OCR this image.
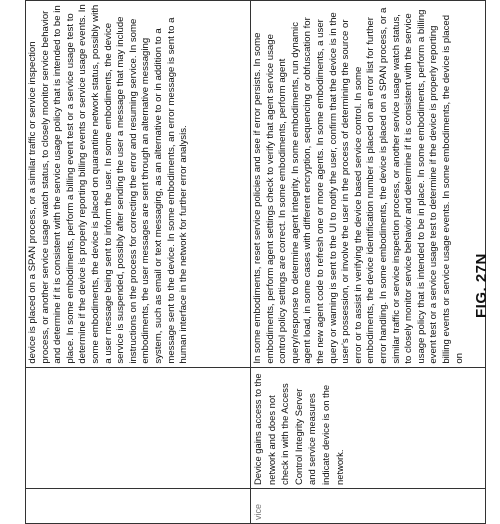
		device is placed on a SPAN process, or a similar traffic or service inspection process, or another service usage watch status, to closely monitor service behavior and determine if it is consistent with the service usage policy that is intended to be in place. In some embodiments, perform a billing event test or a service usage test to determine if the device is properly reporting billing events or service usage events. In some embodiments, the device is placed on quarantine network status, possibly with a user message being sent to inform the user. In some embodiments, the device service is suspended, possibly after sending the user a message that may include instructions on the process for correcting the error and resuming service. In some embodiments, the user messages are sent through an alternative messaging system, such as email or text messaging, as an alternative to or in addition to a message sent to the device. In some embodiments, an error message is sent to a human interface in the network for further error analysis.
vice	Device gains access to the network and does not check in with the Access Control Integrity Server and service measures indicate device is on the network.	In some embodiments, reset service policies and see if error persists. In some embodiments, perform agent settings check to verify that agent service usage control policy settings are correct. In some embodiments, perform agent query/response to determine agent integrity. In some embodiments, run dynamic agent load, in some cases with different encryption, sequencing or obfuscation for the new agent code to refresh one or more agents. In some embodiments, a user query or warning is sent to the UI to notify the user, confirm that the device is in the user's possession, or involve the user in the process of determining the source or error or to assist in verifying the device based service control. In some embodiments, the device identification number is placed on an error list for further error handling. In some embodiments, the device is placed on a SPAN process, or a similar traffic or service inspection process, or another service usage watch status, to closely monitor service behavior and determine if it is consistent with the service usage policy that is intended to be in place. In some embodiments, perform a billing event test or a service usage test to determine if the device is properly reporting billing events or service usage events. In some embodiments, the device is placed on
FIG. 27N
